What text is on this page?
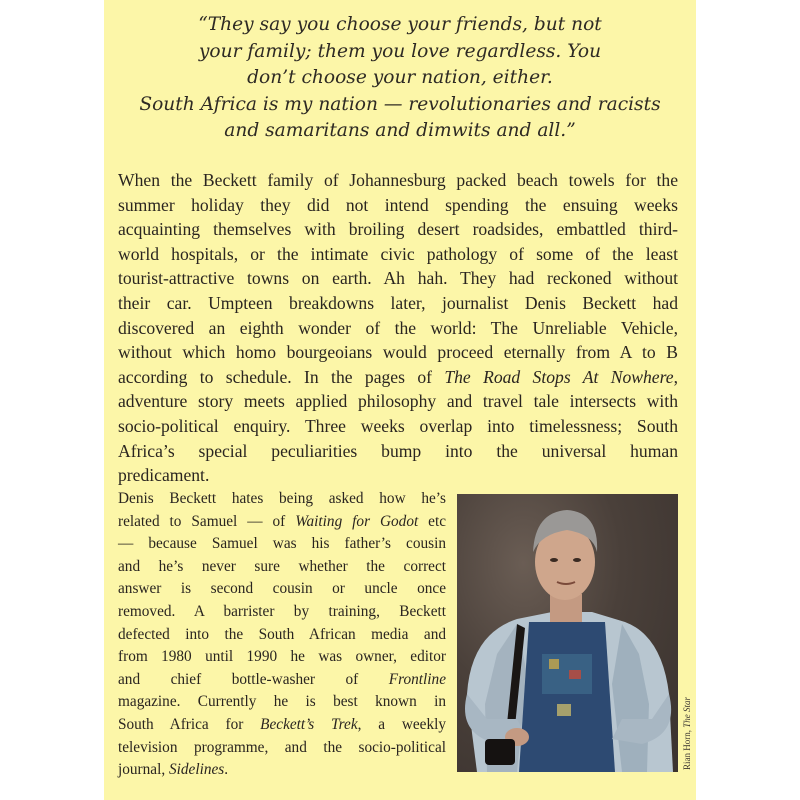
“They say you choose your friends, but not
your family; them you love regardless. You
don’t choose your nation, either.
South Africa is my nation — revolutionaries and racists
and samaritans and dimwits and all.”
When the Beckett family of Johannesburg packed beach towels for the
summer holiday they did not intend spending the ensuing weeks
acquainting themselves with broiling desert roadsides, embattled third-
world hospitals, or the intimate civic pathology of some of the least
tourist-attractive towns on earth. Ah hah. They had reckoned without
their car. Umpteen breakdowns later, journalist Denis Beckett had
discovered an eighth wonder of the world: The Unreliable Vehicle,
without which homo bourgeoians would proceed eternally from A to B
according to schedule. In the pages of The Road Stops At Nowhere,
adventure story meets applied philosophy and travel tale intersects with
socio-political enquiry. Three weeks overlap into timelessness; South
Africa’s special peculiarities bump into the universal human
predicament.
Denis Beckett hates being asked how he’s
related to Samuel — of Waiting for Godot etc
— because Samuel was his father’s cousin
and he’s never sure whether the correct
answer is second cousin or uncle once
removed. A barrister by training, Beckett
defected into the South African media and
from 1980 until 1990 he was owner, editor
and chief bottle-washer of Frontline
magazine. Currently he is best known in
South Africa for Beckett’s Trek, a weekly
television programme, and the socio-political
journal, Sidelines.	Rian Horn, The Star
